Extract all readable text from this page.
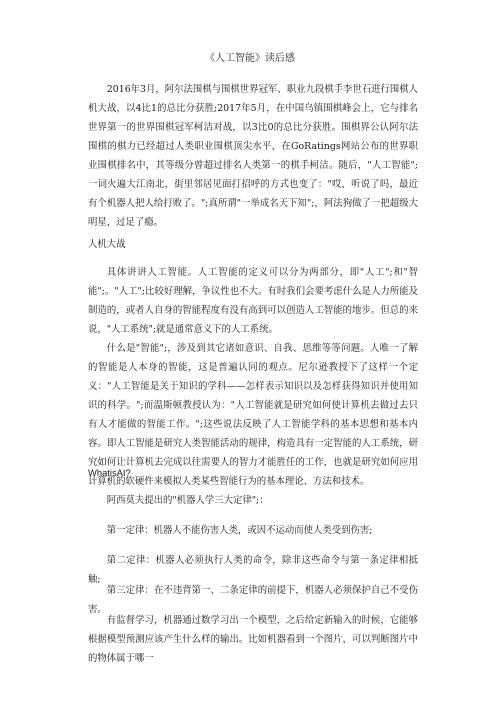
《人工智能》读后感

2016年3月，阿尔法围棋与围棋世界冠军、职业九段棋手李世石进行围棋人机大战，以4比1的总比分获胜;2017年5月，在中国乌镇围棋峰会上，它与排名世界第一的世界围棋冠军柯洁对战，以3比0的总比分获胜。围棋界公认阿尔法围棋的棋力已经超过人类职业围棋顶尖水平，在GoRatings网站公布的世界职业围棋排名中，其等级分曾超过排名人类第一的棋手柯洁。随后，"人工智能";一词火遍大江南北，街里邻居见面打招呼的方式也变了："哎，听说了吗，最近有个机器人把人给打败了。";真所谓"一举成名天下知";，阿法狗做了一把超级大明星，过足了瘾。

人机大战

具体讲讲人工智能。人工智能的定义可以分为两部分，即"人工";和"智能";。"人工";比较好理解，争议性也不大。有时我们会要考虑什么是人力所能及制造的，或者人自身的智能程度有没有高到可以创造人工智能的地步。但总的来说，"人工系统";就是通常意义下的人工系统。

什么是"智能";，涉及到其它诸如意识、自我、思维等等问题。人唯一了解的智能是人本身的智能，这是普遍认同的观点。尼尔逊教授下了这样一个定义："人工智能是关于知识的学科——怎样表示知识以及怎样获得知识并使用知识的科学。";而温斯顿教授认为："人工智能就是研究如何使计算机去做过去只有人才能做的智能工作。";这些说法反映了人工智能学科的基本思想和基本内容。即人工智能是研究人类智能活动的规律，构造具有一定智能的人工系统，研究如何让计算机去完成以往需要人的智力才能胜任的工作，也就是研究如何应用计算机的软硬件来模拟人类某些智能行为的基本理论、方法和技术。

WhatisAI?

阿西莫夫提出的"机器人学三大定律";：

第一定律：机器人不能伤害人类，或因不运动而使人类受到伤害;

第二定律：机器人必须执行人类的命令，除非这些命令与第一条定律相抵触;

第三定律：在不违背第一、二条定律的前提下，机器人必须保护自己不受伤害。

有监督学习，机器通过数学习出一个模型，之后给定新输入的时候，它能够根据模型预测应该产生什么样的输出。比如机器看到一个图片，可以判断图片中的物体属于哪一
